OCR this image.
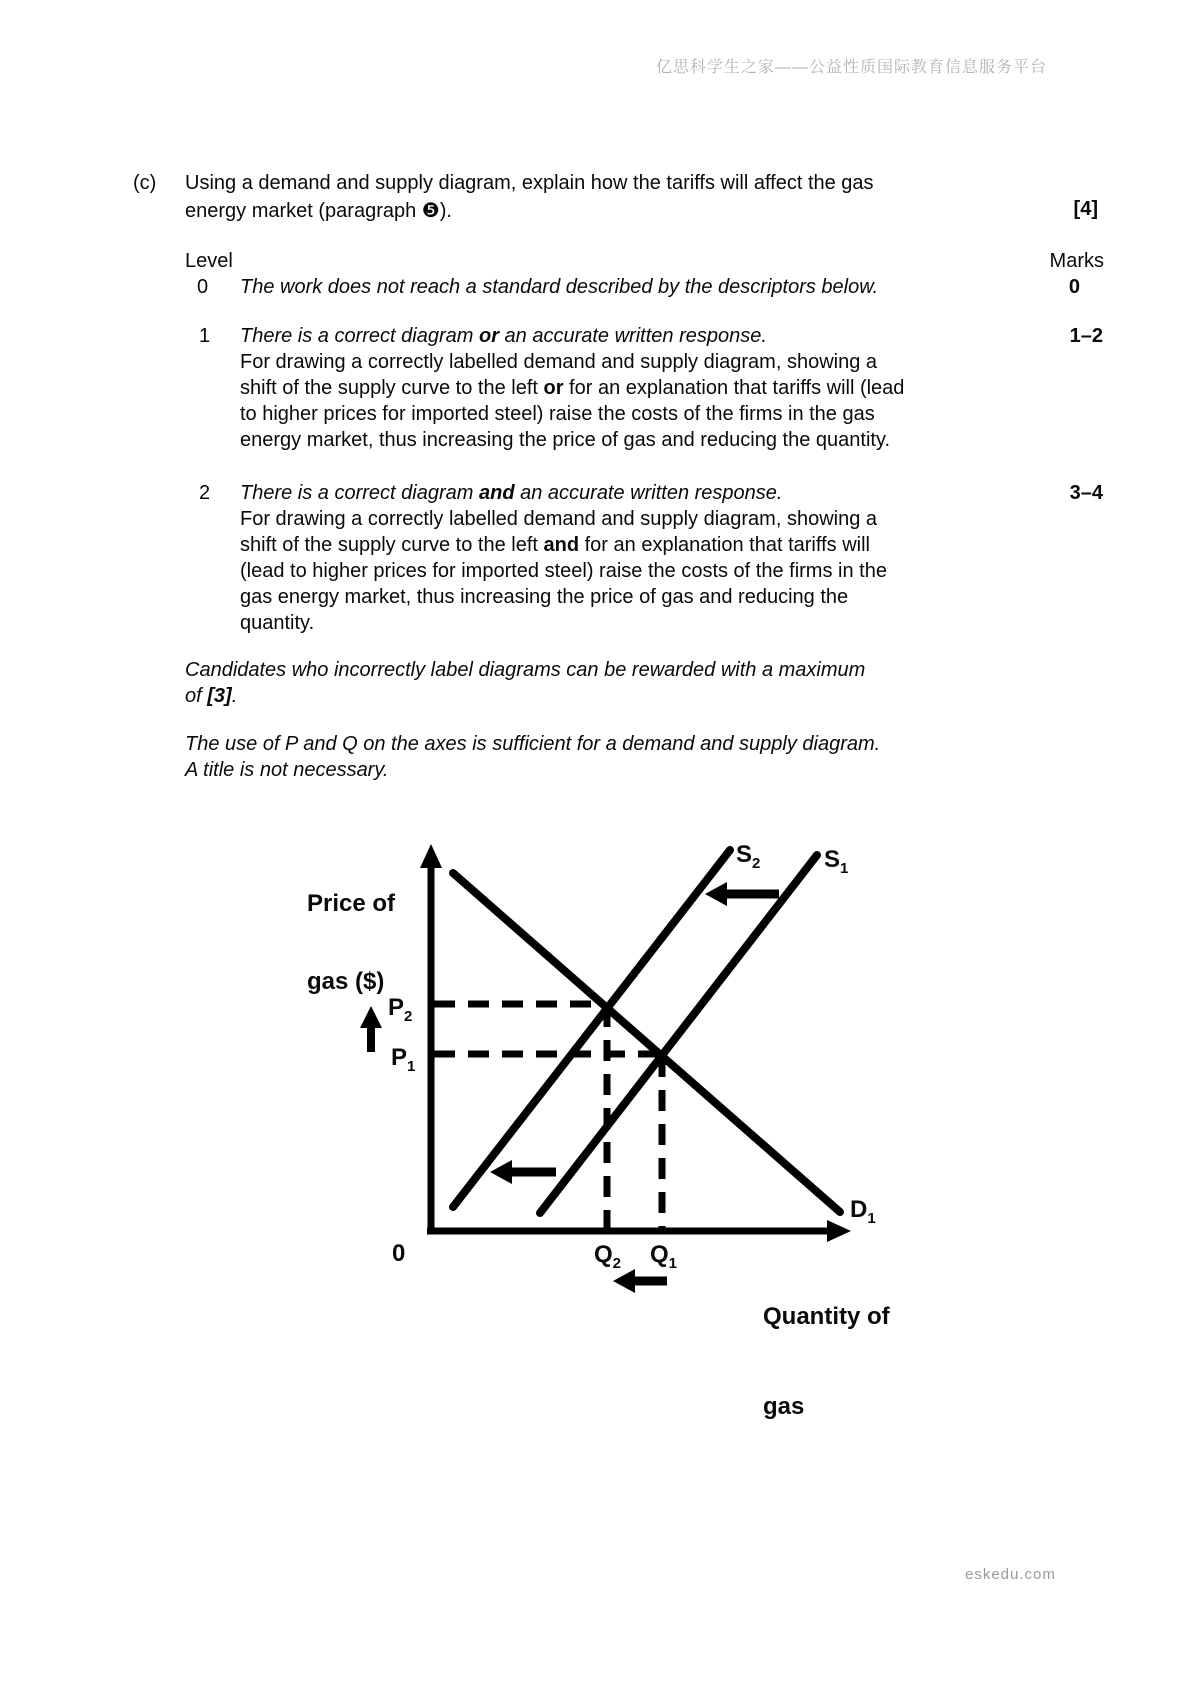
亿思科学生之家——公益性质国际教育信息服务平台
(c) Using a demand and supply diagram, explain how the tariffs will affect the gas
energy market (paragraph ❺).	[4]
Level	Marks
0 The work does not reach a standard described by the descriptors below.	0
1 There is a correct diagram or an accurate written response.
For drawing a correctly labelled demand and supply diagram, showing a
shift of the supply curve to the left or for an explanation that tariffs will (lead
to higher prices for imported steel) raise the costs of the firms in the gas
energy market, thus increasing the price of gas and reducing the quantity.
1–2
2 There is a correct diagram and an accurate written response.
For drawing a correctly labelled demand and supply diagram, showing a
shift of the supply curve to the left and for an explanation that tariffs will
(lead to higher prices for imported steel) raise the costs of the firms in the
gas energy market, thus increasing the price of gas and reducing the
quantity.
3–4
Candidates who incorrectly label diagrams can be rewarded with a maximum
of [3].
The use of P and Q on the axes is sufficient for a demand and supply diagram.
A title is not necessary.

Price of

gas ($)

$S_2$	$S_1$
$D_1$
$P_2$
$P_1$
0	$Q_2$ $Q_1$

Quantity of

gas

eskedu.com
